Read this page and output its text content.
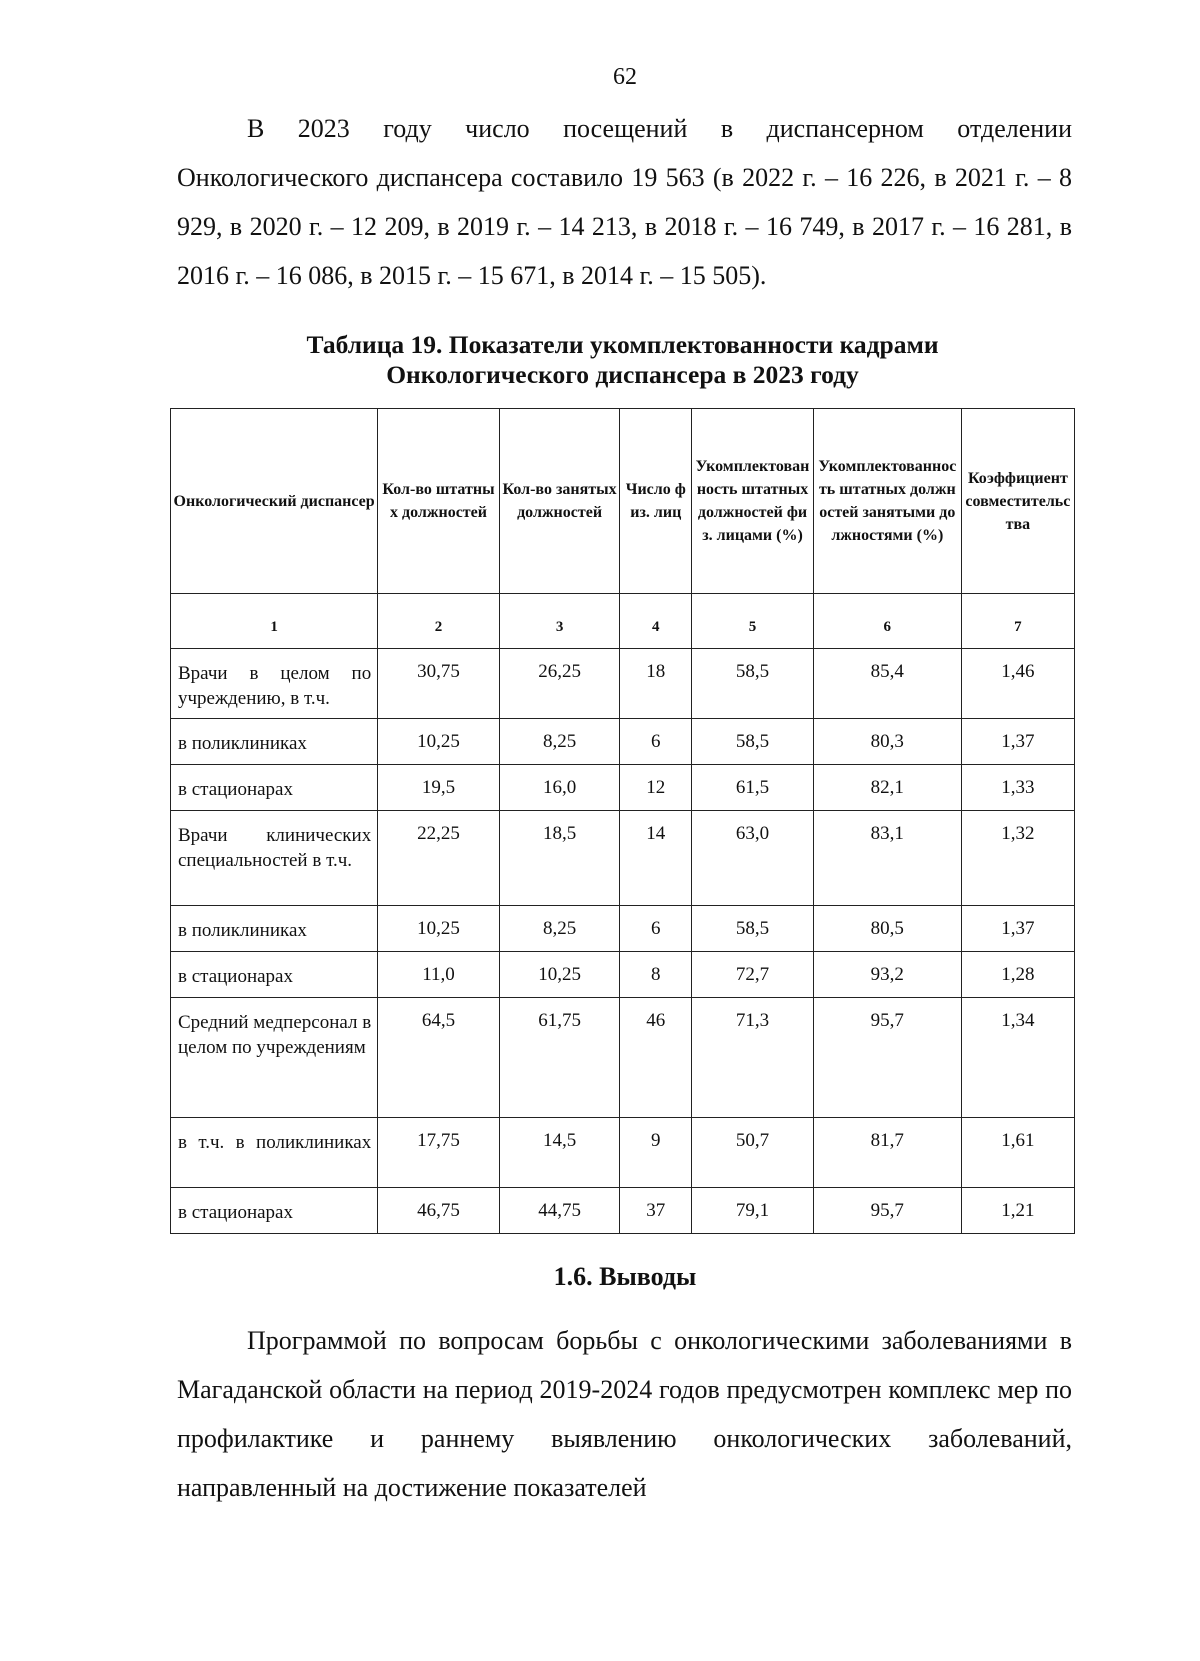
62

В 2023 году число посещений в диспансерном отделении Онкологического диспансера составило 19 563 (в 2022 г. – 16 226, в 2021 г. – 8 929, в 2020 г. – 12 209, в 2019 г. – 14 213, в 2018 г. – 16 749, в 2017 г. – 16 281, в 2016 г. – 16 086, в 2015 г. – 15 671, в 2014 г. – 15 505).

Таблица 19. Показатели укомплектованности кадрами
Онкологического диспансера в 2023 году
Онкологический диспансер	Кол-во штатных должностей	Кол-во занятых должностей	Число физ. лиц	Укомплектованность штатных должностей физ. лицами (%)	Укомплектованность штатных должностей занятыми должностями (%)	Коэффициент совместительства
1	2	3	4	5	6	7
Врачи в целом по учреждению, в т.ч.	30,75	26,25	18	58,5	85,4	1,46
в поликлиниках	10,25	8,25	6	58,5	80,3	1,37
в стационарах	19,5	16,0	12	61,5	82,1	1,33
Врачи клинических специальностей в т.ч.	22,25	18,5	14	63,0	83,1	1,32
в поликлиниках	10,25	8,25	6	58,5	80,5	1,37
в стационарах	11,0	10,25	8	72,7	93,2	1,28
Средний медперсонал в целом по учреждениям	64,5	61,75	46	71,3	95,7	1,34
в т.ч. в поликлиниках	17,75	14,5	9	50,7	81,7	1,61
в стационарах	46,75	44,75	37	79,1	95,7	1,21
1.6. Выводы

Программой по вопросам борьбы с онкологическими заболеваниями в Магаданской области на период 2019-2024 годов предусмотрен комплекс мер по профилактике и раннему выявлению онкологических заболеваний, направленный на достижение показателей
